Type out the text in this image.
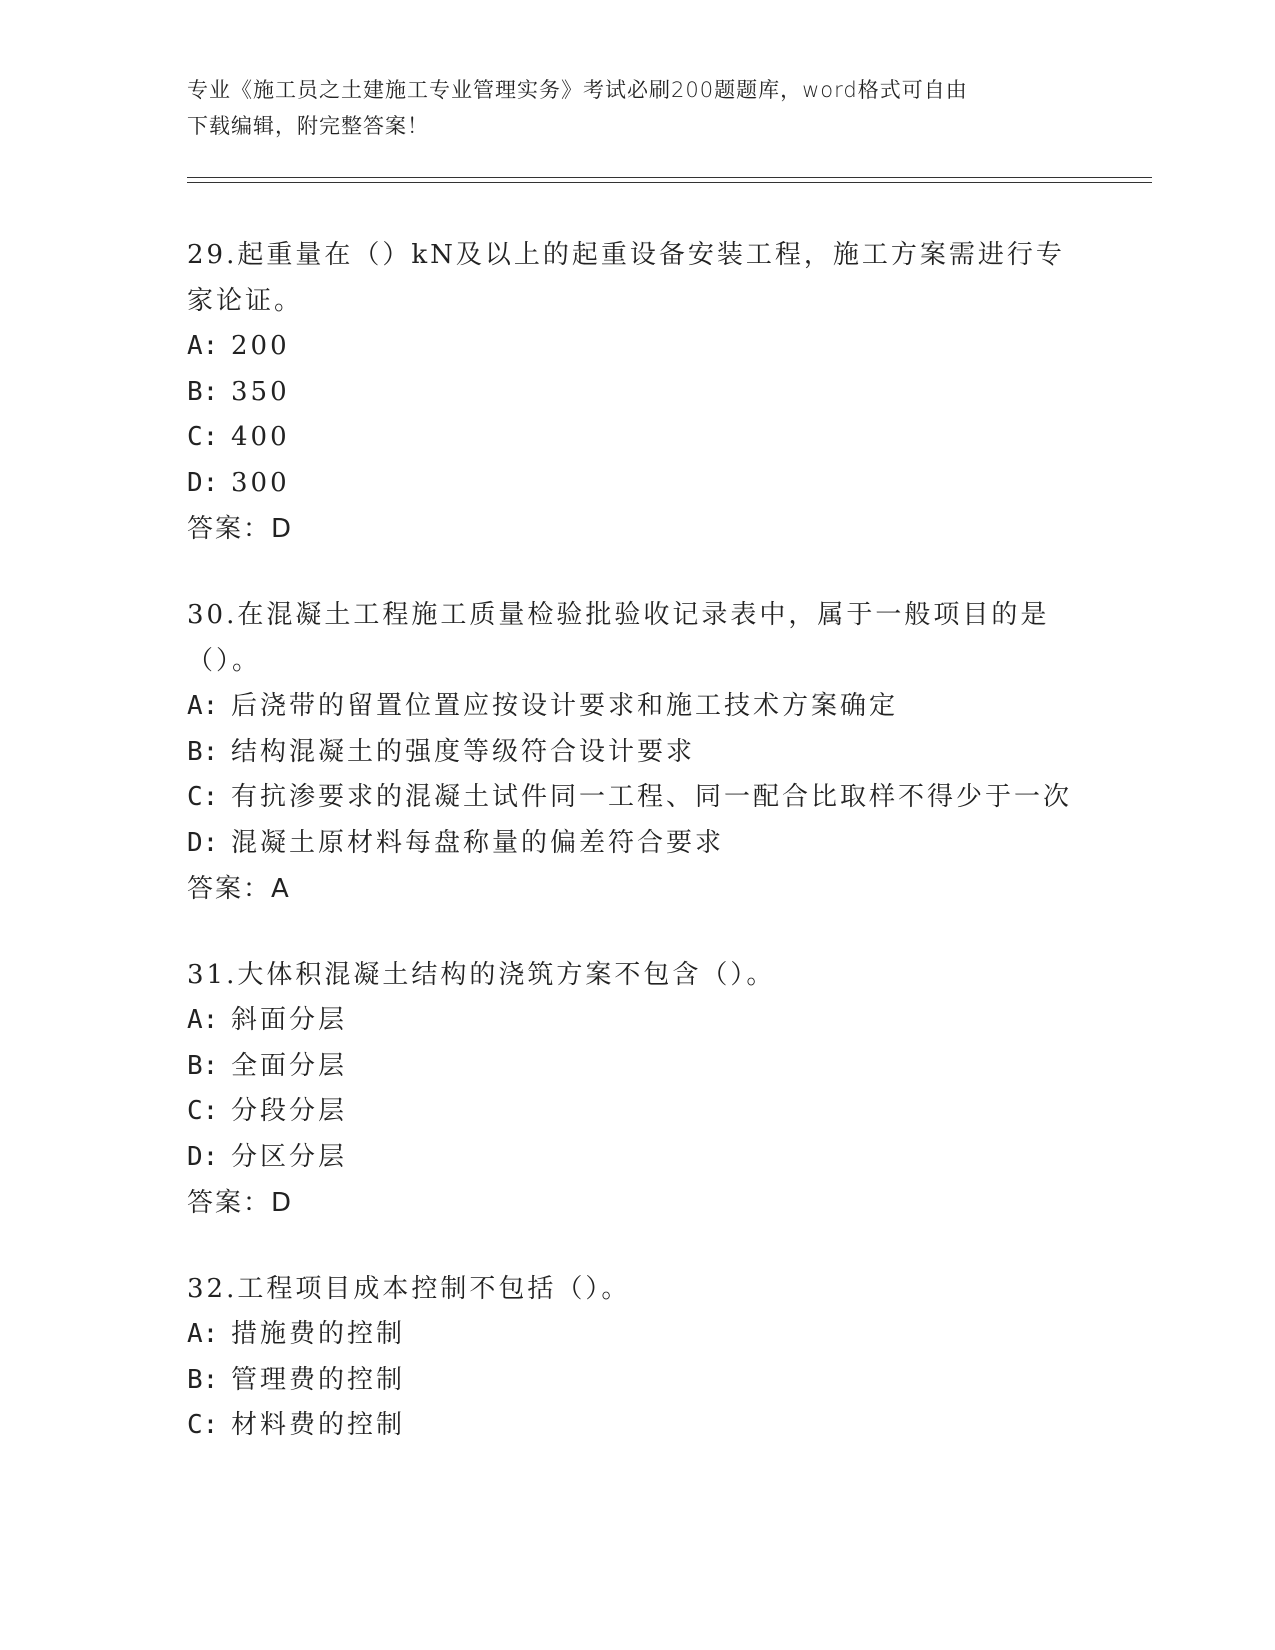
专业《施工员之土建施工专业管理实务》考试必刷200题题库，word格式可自由
下载编辑，附完整答案！

29.起重量在（）kN及以上的起重设备安装工程，施工方案需进行专家论证。

A: 200

B: 350

C: 400

D: 300

答案：D

30.在混凝土工程施工质量检验批验收记录表中，属于一般项目的是（）。

A: 后浇带的留置位置应按设计要求和施工技术方案确定

B: 结构混凝土的强度等级符合设计要求

C: 有抗渗要求的混凝土试件同一工程、同一配合比取样不得少于一次

D: 混凝土原材料每盘称量的偏差符合要求

答案：A

31.大体积混凝土结构的浇筑方案不包含（）。

A: 斜面分层

B: 全面分层

C: 分段分层

D: 分区分层

答案：D

32.工程项目成本控制不包括（）。

A: 措施费的控制

B: 管理费的控制

C: 材料费的控制
